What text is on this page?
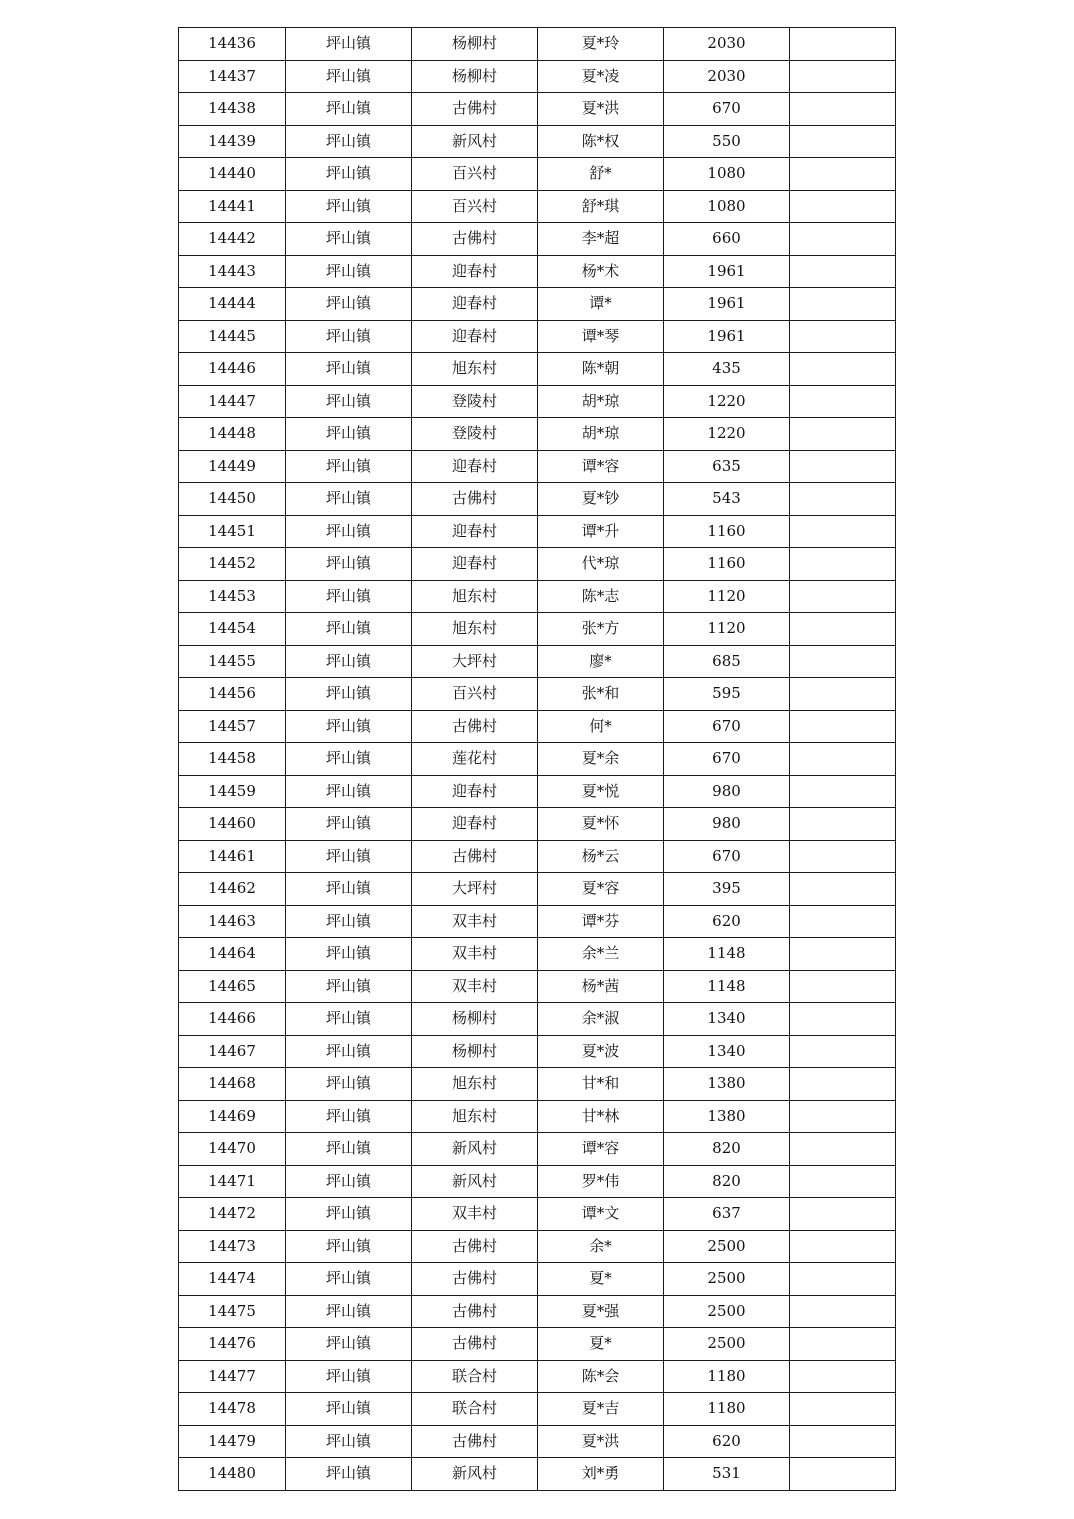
14436	坪山镇	杨柳村	夏*玲	2030	
14437	坪山镇	杨柳村	夏*凌	2030	
14438	坪山镇	古佛村	夏*洪	670	
14439	坪山镇	新风村	陈*权	550	
14440	坪山镇	百兴村	舒*	1080	
14441	坪山镇	百兴村	舒*琪	1080	
14442	坪山镇	古佛村	李*超	660	
14443	坪山镇	迎春村	杨*术	1961	
14444	坪山镇	迎春村	谭*	1961	
14445	坪山镇	迎春村	谭*琴	1961	
14446	坪山镇	旭东村	陈*朝	435	
14447	坪山镇	登陵村	胡*琼	1220	
14448	坪山镇	登陵村	胡*琼	1220	
14449	坪山镇	迎春村	谭*容	635	
14450	坪山镇	古佛村	夏*钞	543	
14451	坪山镇	迎春村	谭*升	1160	
14452	坪山镇	迎春村	代*琼	1160	
14453	坪山镇	旭东村	陈*志	1120	
14454	坪山镇	旭东村	张*方	1120	
14455	坪山镇	大坪村	廖*	685	
14456	坪山镇	百兴村	张*和	595	
14457	坪山镇	古佛村	何*	670	
14458	坪山镇	莲花村	夏*余	670	
14459	坪山镇	迎春村	夏*悦	980	
14460	坪山镇	迎春村	夏*怀	980	
14461	坪山镇	古佛村	杨*云	670	
14462	坪山镇	大坪村	夏*容	395	
14463	坪山镇	双丰村	谭*芬	620	
14464	坪山镇	双丰村	余*兰	1148	
14465	坪山镇	双丰村	杨*茜	1148	
14466	坪山镇	杨柳村	余*淑	1340	
14467	坪山镇	杨柳村	夏*波	1340	
14468	坪山镇	旭东村	甘*和	1380	
14469	坪山镇	旭东村	甘*林	1380	
14470	坪山镇	新风村	谭*容	820	
14471	坪山镇	新风村	罗*伟	820	
14472	坪山镇	双丰村	谭*文	637	
14473	坪山镇	古佛村	余*	2500	
14474	坪山镇	古佛村	夏*	2500	
14475	坪山镇	古佛村	夏*强	2500	
14476	坪山镇	古佛村	夏*	2500	
14477	坪山镇	联合村	陈*会	1180	
14478	坪山镇	联合村	夏*吉	1180	
14479	坪山镇	古佛村	夏*洪	620	
14480	坪山镇	新风村	刘*勇	531	
